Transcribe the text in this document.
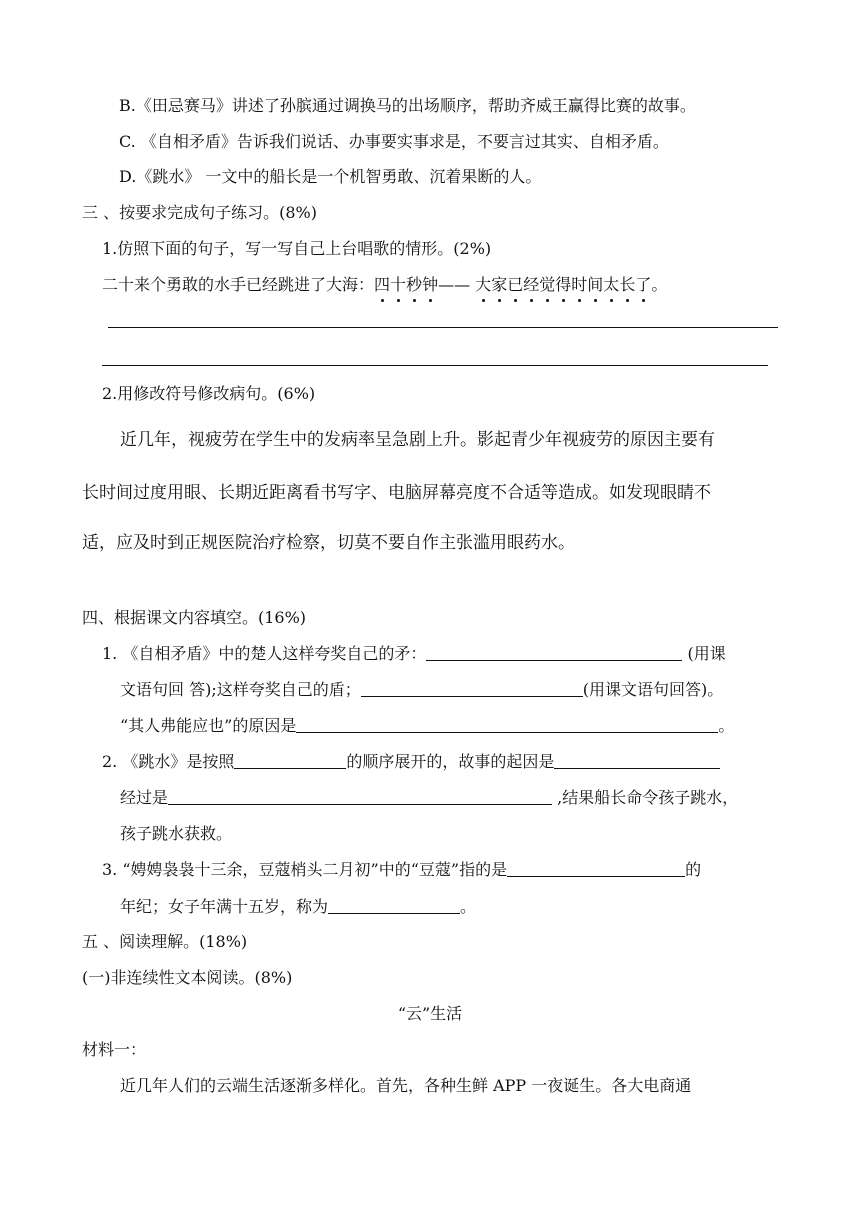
B.《田忌赛马》讲述了孙膑通过调换马的出场顺序，帮助齐威王赢得比赛的故事。
C. 《自相矛盾》告诉我们说话、办事要实事求是，不要言过其实、自相矛盾。
D.《跳水》 一文中的船长是一个机智勇敢、沉着果断的人。
三 、按要求完成句子练习。(8%)
1.仿照下面的句子，写一写自己上台唱歌的情形。(2%)
二十来个勇敢的水手已经跳进了大海：四十秒钟—— 大家已经觉得时间太长了。
2.用修改符号修改病句。(6%)
近几年，视疲劳在学生中的发病率呈急剧上升。影起青少年视疲劳的原因主要有
长时间过度用眼、长期近距离看书写字、电脑屏幕亮度不合适等造成。如发现眼睛不
适，应及时到正规医院治疗检察，切莫不要自作主张滥用眼药水。
四、根据课文内容填空。(16%)
1. 《自相矛盾》中的楚人这样夸奖自己的矛：	(用课
文语句回 答);这样夸奖自己的盾；	(用课文语句回答)。
“其人弗能应也”的原因是	。
2. 《跳水》是按照	的顺序展开的，故事的起因是
经过是	,结果船长命令孩子跳水，
孩子跳水获救。
3. “娉娉袅袅十三余，豆蔻梢头二月初”中的“豆蔻”指的是	的
年纪；女子年满十五岁，称为	。
五 、阅读理解。(18%)
(一)非连续性文本阅读。(8%)
“云”生活
材料一：
近几年人们的云端生活逐渐多样化。首先，各种生鲜 APP 一夜诞生。各大电商通
